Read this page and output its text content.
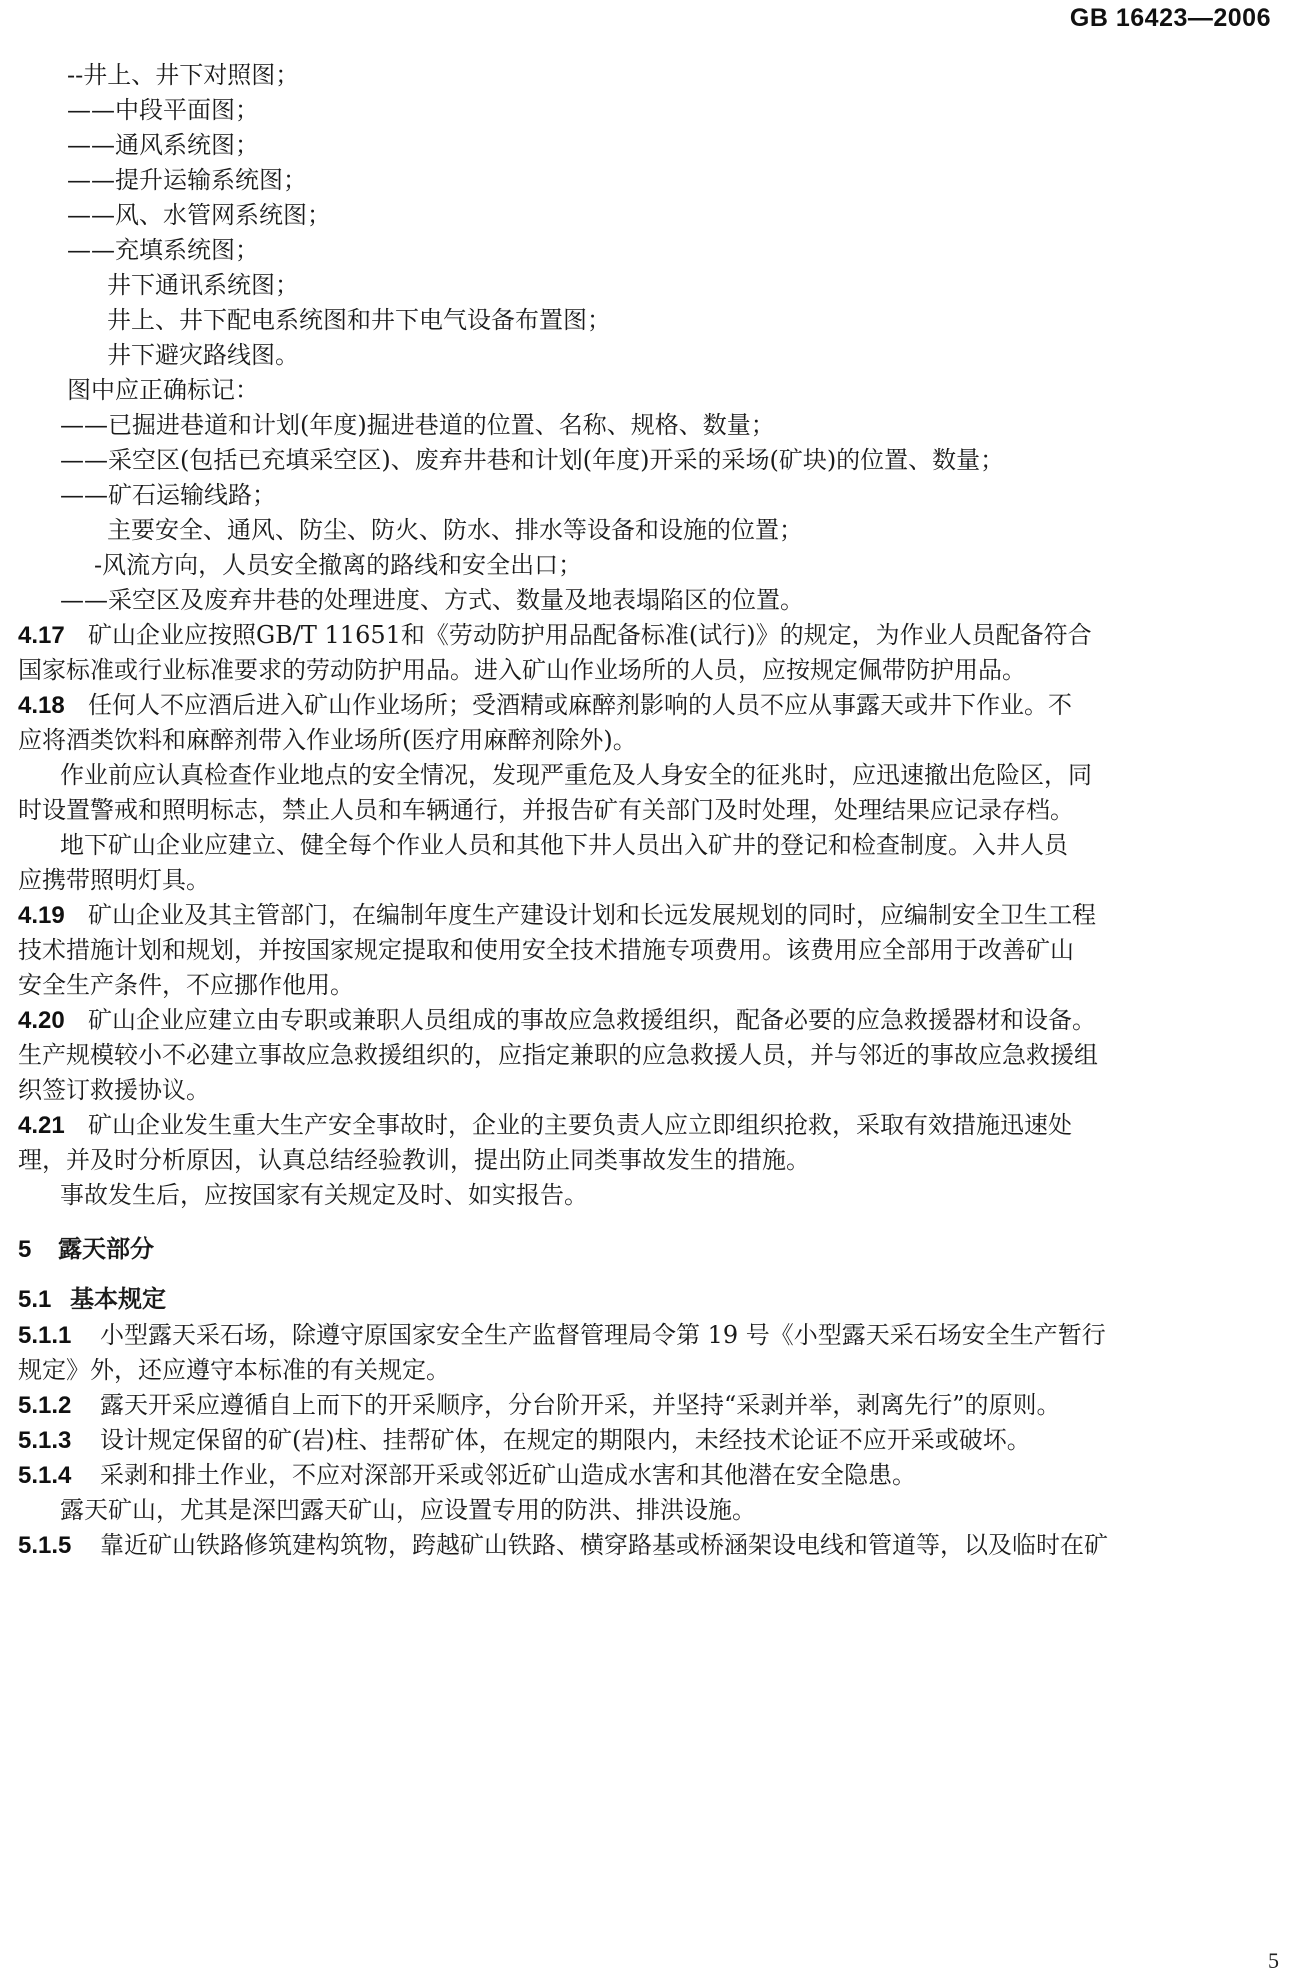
GB 16423—2006
--井上、井下对照图；
——中段平面图；
——通风系统图；
——提升运输系统图；
——风、水管网系统图；
——充填系统图；
井下通讯系统图；
井上、井下配电系统图和井下电气设备布置图；
井下避灾路线图。
图中应正确标记：
——已掘进巷道和计划(年度)掘进巷道的位置、名称、规格、数量；
——采空区(包括已充填采空区)、废弃井巷和计划(年度)开采的采场(矿块)的位置、数量；
——矿石运输线路；
主要安全、通风、防尘、防火、防水、排水等设备和设施的位置；
-风流方向，人员安全撤离的路线和安全出口；
——采空区及废弃井巷的处理进度、方式、数量及地表塌陷区的位置。
4.17 矿山企业应按照GB/T 11651和《劳动防护用品配备标准(试行)》的规定，为作业人员配备符合
国家标准或行业标准要求的劳动防护用品。进入矿山作业场所的人员，应按规定佩带防护用品。
4.18 任何人不应酒后进入矿山作业场所；受酒精或麻醉剂影响的人员不应从事露天或井下作业。不
应将酒类饮料和麻醉剂带入作业场所(医疗用麻醉剂除外)。
作业前应认真检查作业地点的安全情况，发现严重危及人身安全的征兆时，应迅速撤出危险区，同
时设置警戒和照明标志，禁止人员和车辆通行，并报告矿有关部门及时处理，处理结果应记录存档。
地下矿山企业应建立、健全每个作业人员和其他下井人员出入矿井的登记和检查制度。入井人员
应携带照明灯具。
4.19 矿山企业及其主管部门，在编制年度生产建设计划和长远发展规划的同时，应编制安全卫生工程
技术措施计划和规划，并按国家规定提取和使用安全技术措施专项费用。该费用应全部用于改善矿山
安全生产条件，不应挪作他用。
4.20 矿山企业应建立由专职或兼职人员组成的事故应急救援组织，配备必要的应急救援器材和设备。
生产规模较小不必建立事故应急救援组织的，应指定兼职的应急救援人员，并与邻近的事故应急救援组
织签订救援协议。
4.21 矿山企业发生重大生产安全事故时，企业的主要负责人应立即组织抢救，采取有效措施迅速处
理，并及时分析原因，认真总结经验教训，提出防止同类事故发生的措施。
事故发生后，应按国家有关规定及时、如实报告。
5 露天部分
5.1 基本规定
5.1.1 小型露天采石场，除遵守原国家安全生产监督管理局令第 19 号《小型露天采石场安全生产暂行
规定》外，还应遵守本标准的有关规定。
5.1.2 露天开采应遵循自上而下的开采顺序，分台阶开采，并坚持“采剥并举，剥离先行”的原则。
5.1.3 设计规定保留的矿(岩)柱、挂帮矿体，在规定的期限内，未经技术论证不应开采或破坏。
5.1.4 采剥和排土作业，不应对深部开采或邻近矿山造成水害和其他潜在安全隐患。
露天矿山，尤其是深凹露天矿山，应设置专用的防洪、排洪设施。
5.1.5 靠近矿山铁路修筑建构筑物，跨越矿山铁路、横穿路基或桥涵架设电线和管道等，以及临时在矿
5
